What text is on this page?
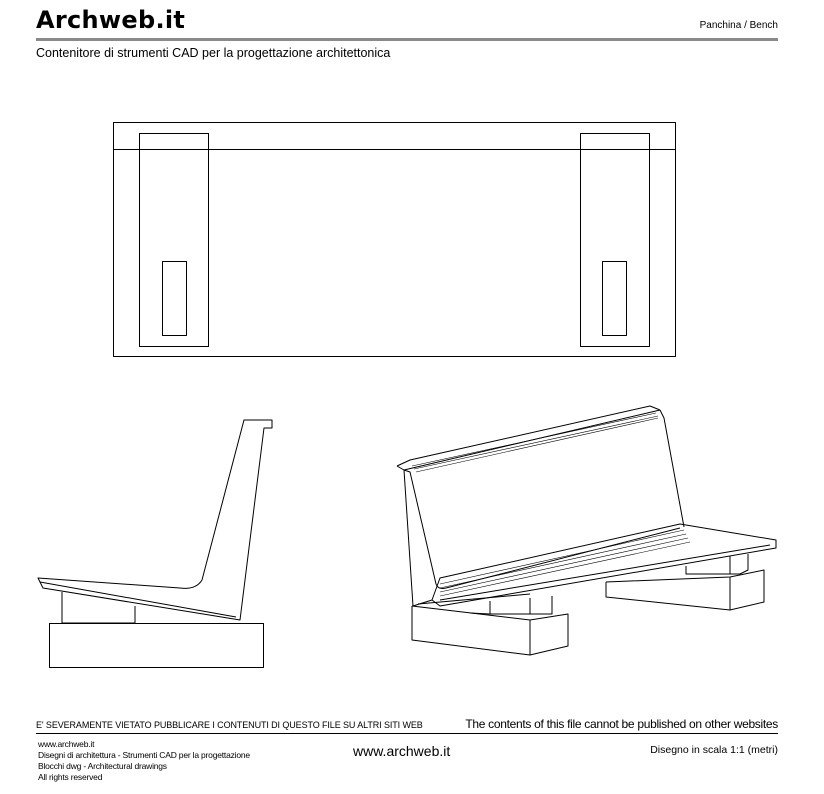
Archweb.it	Panchina / Bench
Contenitore di strumenti CAD per la progettazione architettonica
E' SEVERAMENTE VIETATO PUBBLICARE I CONTENUTI DI QUESTO FILE SU ALTRI SITI WEB	The contents of this file cannot be published on other websites
www.archweb.it
Disegni di architettura - Strumenti CAD per la progettazione
Blocchi dwg - Architectural drawings
All rights reserved
www.archweb.it	Disegno in scala 1:1 (metri)
